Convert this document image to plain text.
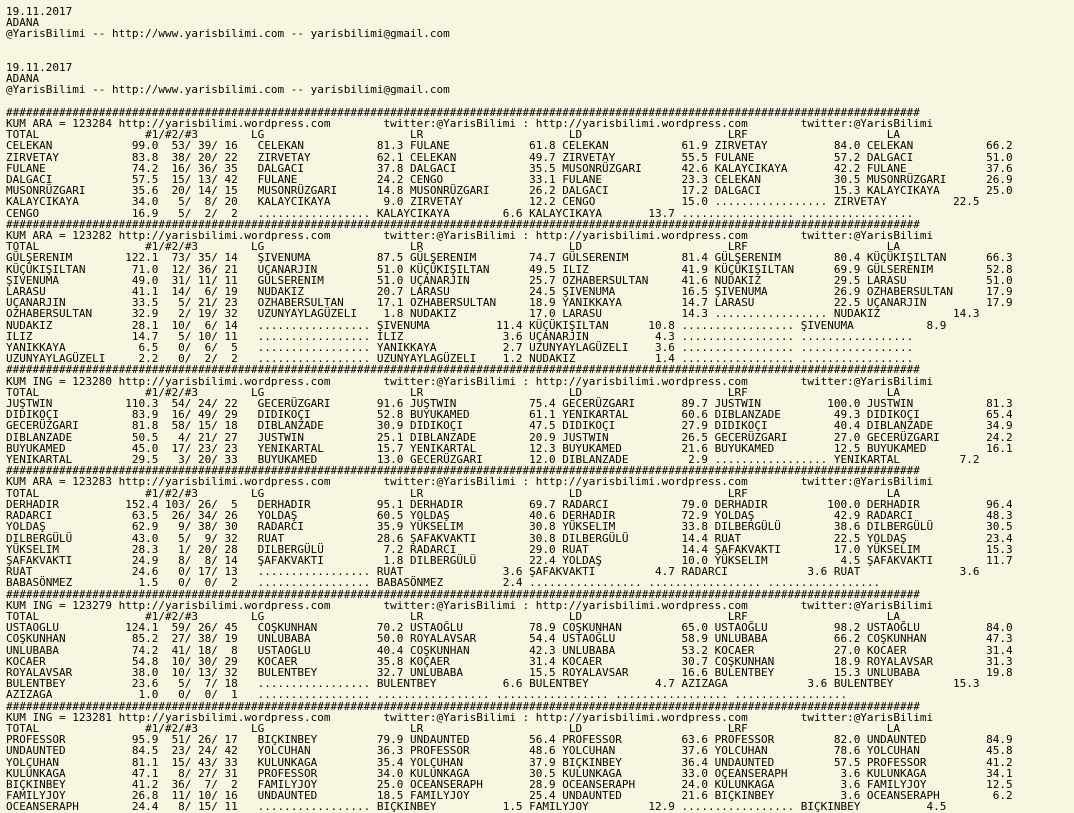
19.11.2017
ADANA
@YarisBilimi -- http://www.yarisbilimi.com -- yarisbilimi@gmail.com
19.11.2017
ADANA
@YarisBilimi -- http://www.yarisbilimi.com -- yarisbilimi@gmail.com
##########################################################################################################################################
KUM ARA = 123284 http://yarisbilimi.wordpress.com        twitter:@YarisBilimi : http://yarisbilimi.wordpress.com        twitter:@YarisBilimi
TOTAL                #1/#2/#3        LG                      LR                      LD                      LRF                     LA
CELEKAN            99.0  53/ 39/ 16   CELEKAN           81.3 FULANE            61.8 CELEKAN           61.9 ZIRVETAY          84.0 CELEKAN           66.2
ZIRVETAY           83.8  38/ 20/ 22   ZIRVETAY          62.1 CELEKAN           49.7 ZIRVETAY          55.5 FULANE            57.2 DALGACI           51.0
FULANE             74.2  16/ 36/ 35   DALGACI           37.8 DALGACI           35.5 MUSONRÜZGARI      42.6 KALAYCIKAYA       42.2 FULANE            37.6
DALGACI            57.5  15/ 13/ 42   FULANE            24.2 CENGO             33.1 FULANE            23.3 CELEKAN           30.5 MUSONRÜZGARI      26.9
MUSONRÜZGARI       35.6  20/ 14/ 15   MUSONRÜZGARI      14.8 MUSONRÜZGARI      26.2 DALGACI           17.2 DALGACI           15.3 KALAYCIKAYA       25.0
KALAYCIKAYA        34.0   5/  8/ 20   KALAYCIKAYA        9.0 ZIRVETAY          12.2 CENGO             15.0 ................. ZIRVETAY          22.5
CENGO              16.9   5/  2/  2   ................. KALAYCIKAYA        6.6 KALAYCIKAYA       13.7 ................. .................
##########################################################################################################################################
KUM ARA = 123282 http://yarisbilimi.wordpress.com        twitter:@YarisBilimi : http://yarisbilimi.wordpress.com        twitter:@YarisBilimi
TOTAL                #1/#2/#3        LG                      LR                      LD                      LRF                     LA
GÜLŞERENIM        122.1  73/ 35/ 14   ŞIVENUMA          87.5 GÜLŞERENIM        74.7 GÜLSERENIM        81.4 GÜLŞERENIM        80.4 KÜÇÜKIŞILTAN      66.3
KÜÇÜKIŞILTAN       71.0  12/ 36/ 21   UÇANARJIN         51.0 KÜÇÜKIŞILTAN      49.5 ILIZ              41.9 KÜÇÜKIŞILTAN      69.9 GÜLSERENIM        52.8
ŞIVENUMA           49.0  31/ 11/ 11   GÜLSERENIM        51.0 UÇANARJIN         25.7 OZHABERSULTAN     41.6 NUDAKIZ           29.5 LARASU            51.0
LARASU             41.1  14/  6/ 19   NUDAKIZ           20.7 LARASU            24.5 ŞIVENUMA          16.5 ŞIVENUMA          26.9 OZHABERSULTAN     17.9
UÇANARJIN          33.5   5/ 21/ 23   OZHABERSULTAN     17.1 OZHABERSULTAN     18.9 YANIKKAYA         14.7 LARASU            22.5 UÇANARJIN         17.9
OZHABERSULTAN      32.9   2/ 19/ 32   UZUNYAYLAGÜZELI    1.8 NUDAKIZ           17.0 LARASU            14.3 ................. NUDAKIZ           14.3
NUDAKIZ            28.1  10/  6/ 14   ................. ŞIVENUMA          11.4 KÜÇÜKIŞILTAN      10.8 ................. ŞIVENUMA           8.9
ILIZ               14.7   5/ 10/ 11   ................. ILIZ               3.6 UÇANARJIN          4.3 ................. .................
YANIKKAYA           6.5   0/  6/  5   ................. YANIKKAYA          2.7 UZUNYAYLAGÜZELI    3.6 ................. .................
UZUNYAYLAGÜZELI     2.2   0/  2/  2   ................. UZUNYAYLAGÜZELI    1.2 NUDAKIZ            1.4 ................. .................
##########################################################################################################################################
KUM ING = 123280 http://yarisbilimi.wordpress.com        twitter:@YarisBilimi : http://yarisbilimi.wordpress.com        twitter:@YarisBilimi
TOTAL                #1/#2/#3        LG                      LR                      LD                      LRF                     LA
JUŞTWIN           110.3  54/ 24/ 22   GECERÜZGARI       91.6 JUŞTWIN           75.4 GECERÜZGARI       89.7 JUSTWIN          100.0 JUSTWIN           81.3
DIDIKOÇI           83.9  16/ 49/ 29   DIDIKOÇI          52.8 BUYUKAMED         61.1 YENIKARTAL        60.6 DIBLANZADE        49.3 DIDIKOÇI          65.4
GECERÜZGARI        81.8  58/ 15/ 18   DIBLANZADE        30.9 DIDIKOÇI          47.5 DIDIKOÇI          27.9 DIDIKOÇI          40.4 DIBLANZADE        34.9
DIBLANZADE         50.5   4/ 21/ 27   JUSTWIN           25.1 DIBLANZADE        20.9 JUSTWIN           26.5 GECERÜZGARI       27.0 GECERÜZGARI       24.2
BUYUKAMED          45.0  17/ 23/ 23   YENIKARTAL        15.7 YENIKARTAL        12.3 BUYUKAMED         21.6 BUYUKAMED         12.5 BUYUKAMED         16.1
YENIKARTAL         29.5   3/ 20/ 33   BUYUKAMED         13.0 GECERÜZGARI       12.0 DIBLANZADE         2.9 ................. YENIKARTAL         7.2
##########################################################################################################################################
KUM ARA = 123283 http://yarisbilimi.wordpress.com        twitter:@YarisBilimi : http://yarisbilimi.wordpress.com        twitter:@YarisBilimi
TOTAL                #1/#2/#3        LG                      LR                      LD                      LRF                     LA
DERHADIR          152.4 103/ 26/  5   DERHADIR          95.1 DERHADIR          69.7 RADARCI           79.0 DERHADIR         100.0 DERHADIR          96.4
RADARCI            63.5  26/ 34/ 26   YOLDAŞ            60.5 YOLDAŞ            40.6 DERHADIR          72.9 YOLDAŞ            42.9 RADARCI           48.3
YOLDAŞ             62.9   9/ 38/ 30   RADARCI           35.9 YÜKSELIM          30.8 YÜKSELIM          33.8 DILBERGÜLÜ        38.6 DILBERGÜLÜ        30.5
DILBERGÜLÜ         43.0   5/  9/ 32   RUAT              28.6 ŞAFAKVAKTI        30.8 DILBERGÜLÜ        14.4 RUAT              22.5 YOLDAŞ            23.4
YÜKSELIM           28.3   1/ 20/ 28   DILBERGÜLÜ         7.2 RADARCI           29.0 RUAT              14.4 ŞAFAKVAKTI        17.0 YÜKSELIM          15.3
ŞAFAKVAKTI         24.9   8/  8/ 14   ŞAFAKVAKTI         1.8 DILBERGÜLÜ        22.4 YOLDAŞ            10.0 YÜKSELIM           4.5 ŞAFAKVAKTI        11.7
RUAT               24.6   0/ 17/ 13   ................. RUAT               3.6 ŞAFAKVAKTI         4.7 RADARCI            3.6 RUAT               3.6
BABASÖNMEZ          1.5   0/  0/  2   ................. BABASÖNMEZ         2.4 ................. ................. .................
##########################################################################################################################################
KUM ING = 123279 http://yarisbilimi.wordpress.com        twitter:@YarisBilimi : http://yarisbilimi.wordpress.com        twitter:@YarisBilimi
TOTAL                #1/#2/#3        LG                      LR                      LD                      LRF                     LA
USTAOGLU          124.1  59/ 26/ 45   COŞKUNHAN         70.2 USTAOĞLU          78.9 COŞKUNHAN         65.0 USTAOĞLU          98.2 USTAOĞLU          84.0
COŞKUNHAN          85.2  27/ 38/ 19   UNLUBABA          50.0 ROYALAVSAR        54.4 USTAOĞLU          58.9 UNLUBABA          66.2 COŞKUNHAN         47.3
UNLUBABA           74.2  41/ 18/  8   USTAOGLU          40.4 COŞKUNHAN         42.3 UNLUBABA          53.2 KOCAER            27.0 KOCAER            31.4
KOCAER             54.8  10/ 30/ 29   KOCAER            35.8 KOÇAER            31.4 KOCAER            30.7 COŞKUNHAN         18.9 ROYALAVSAR        31.3
ROYALAVSAR         38.0  10/ 13/ 32   BULENTBEY         32.7 UNLUBABA          15.5 ROYALAVSAR        16.6 BULENTBEY         15.3 UNLUBABA          19.8
BULENTBEY          23.6   5/  7/ 18   ................. BULENTBEY          6.6 BULENTBEY          4.7 AZIZAGA            3.6 BULENTBEY         15.3
AZIZAGA             1.0   0/  0/  1   ................. ................. ................. ................. .................
##########################################################################################################################################
KUM ING = 123281 http://yarisbilimi.wordpress.com        twitter:@YarisBilimi : http://yarisbilimi.wordpress.com        twitter:@YarisBilimi
TOTAL                #1/#2/#3        LG                      LR                      LD                      LRF                     LA
PROFESSOR          95.9  51/ 26/ 17   BIÇKINBEY         79.9 UNDAUNTED         56.4 PROFESSOR         63.6 PROFESSOR         82.0 UNDAUNTED         84.9
UNDAUNTED          84.5  23/ 24/ 42   YOLCUHAN          36.3 PROFESSOR         48.6 YOLCUHAN          37.6 YOLCUHAN          78.6 YOLCUHAN          45.8
YOLÇUHAN           81.1  15/ 43/ 33   KULUNKAGA         35.4 YOLÇUHAN          37.9 BIÇKINBEY         36.4 UNDAUNTED         57.5 PROFESSOR         41.2
KULUNKAGA          47.1   8/ 27/ 31   PROFESSOR         34.0 KULUNKAGA         30.5 KULUNKAGA         33.0 OÇEANSERAPH        3.6 KULUNKAGA         34.1
BIÇKINBEY          41.2  36/  7/  2   FAMILYJOY         25.0 OCEANSERAPH       28.9 OCEANSERAPH       24.0 KULUNKAGA          3.6 FAMILYJOY         12.5
FAMILYJOY          26.8  11/ 10/ 16   UNDAUNTED         18.5 FAMILYJOY         25.4 UNDAUNTED         21.6 BIÇKINBEY          3.6 OCEANSERAPH        6.2
OCEANSERAPH        24.4   8/ 15/ 11   ................. BIÇKINBEY          1.5 FAMILYJOY         12.9 ................. BIÇKINBEY          4.5
